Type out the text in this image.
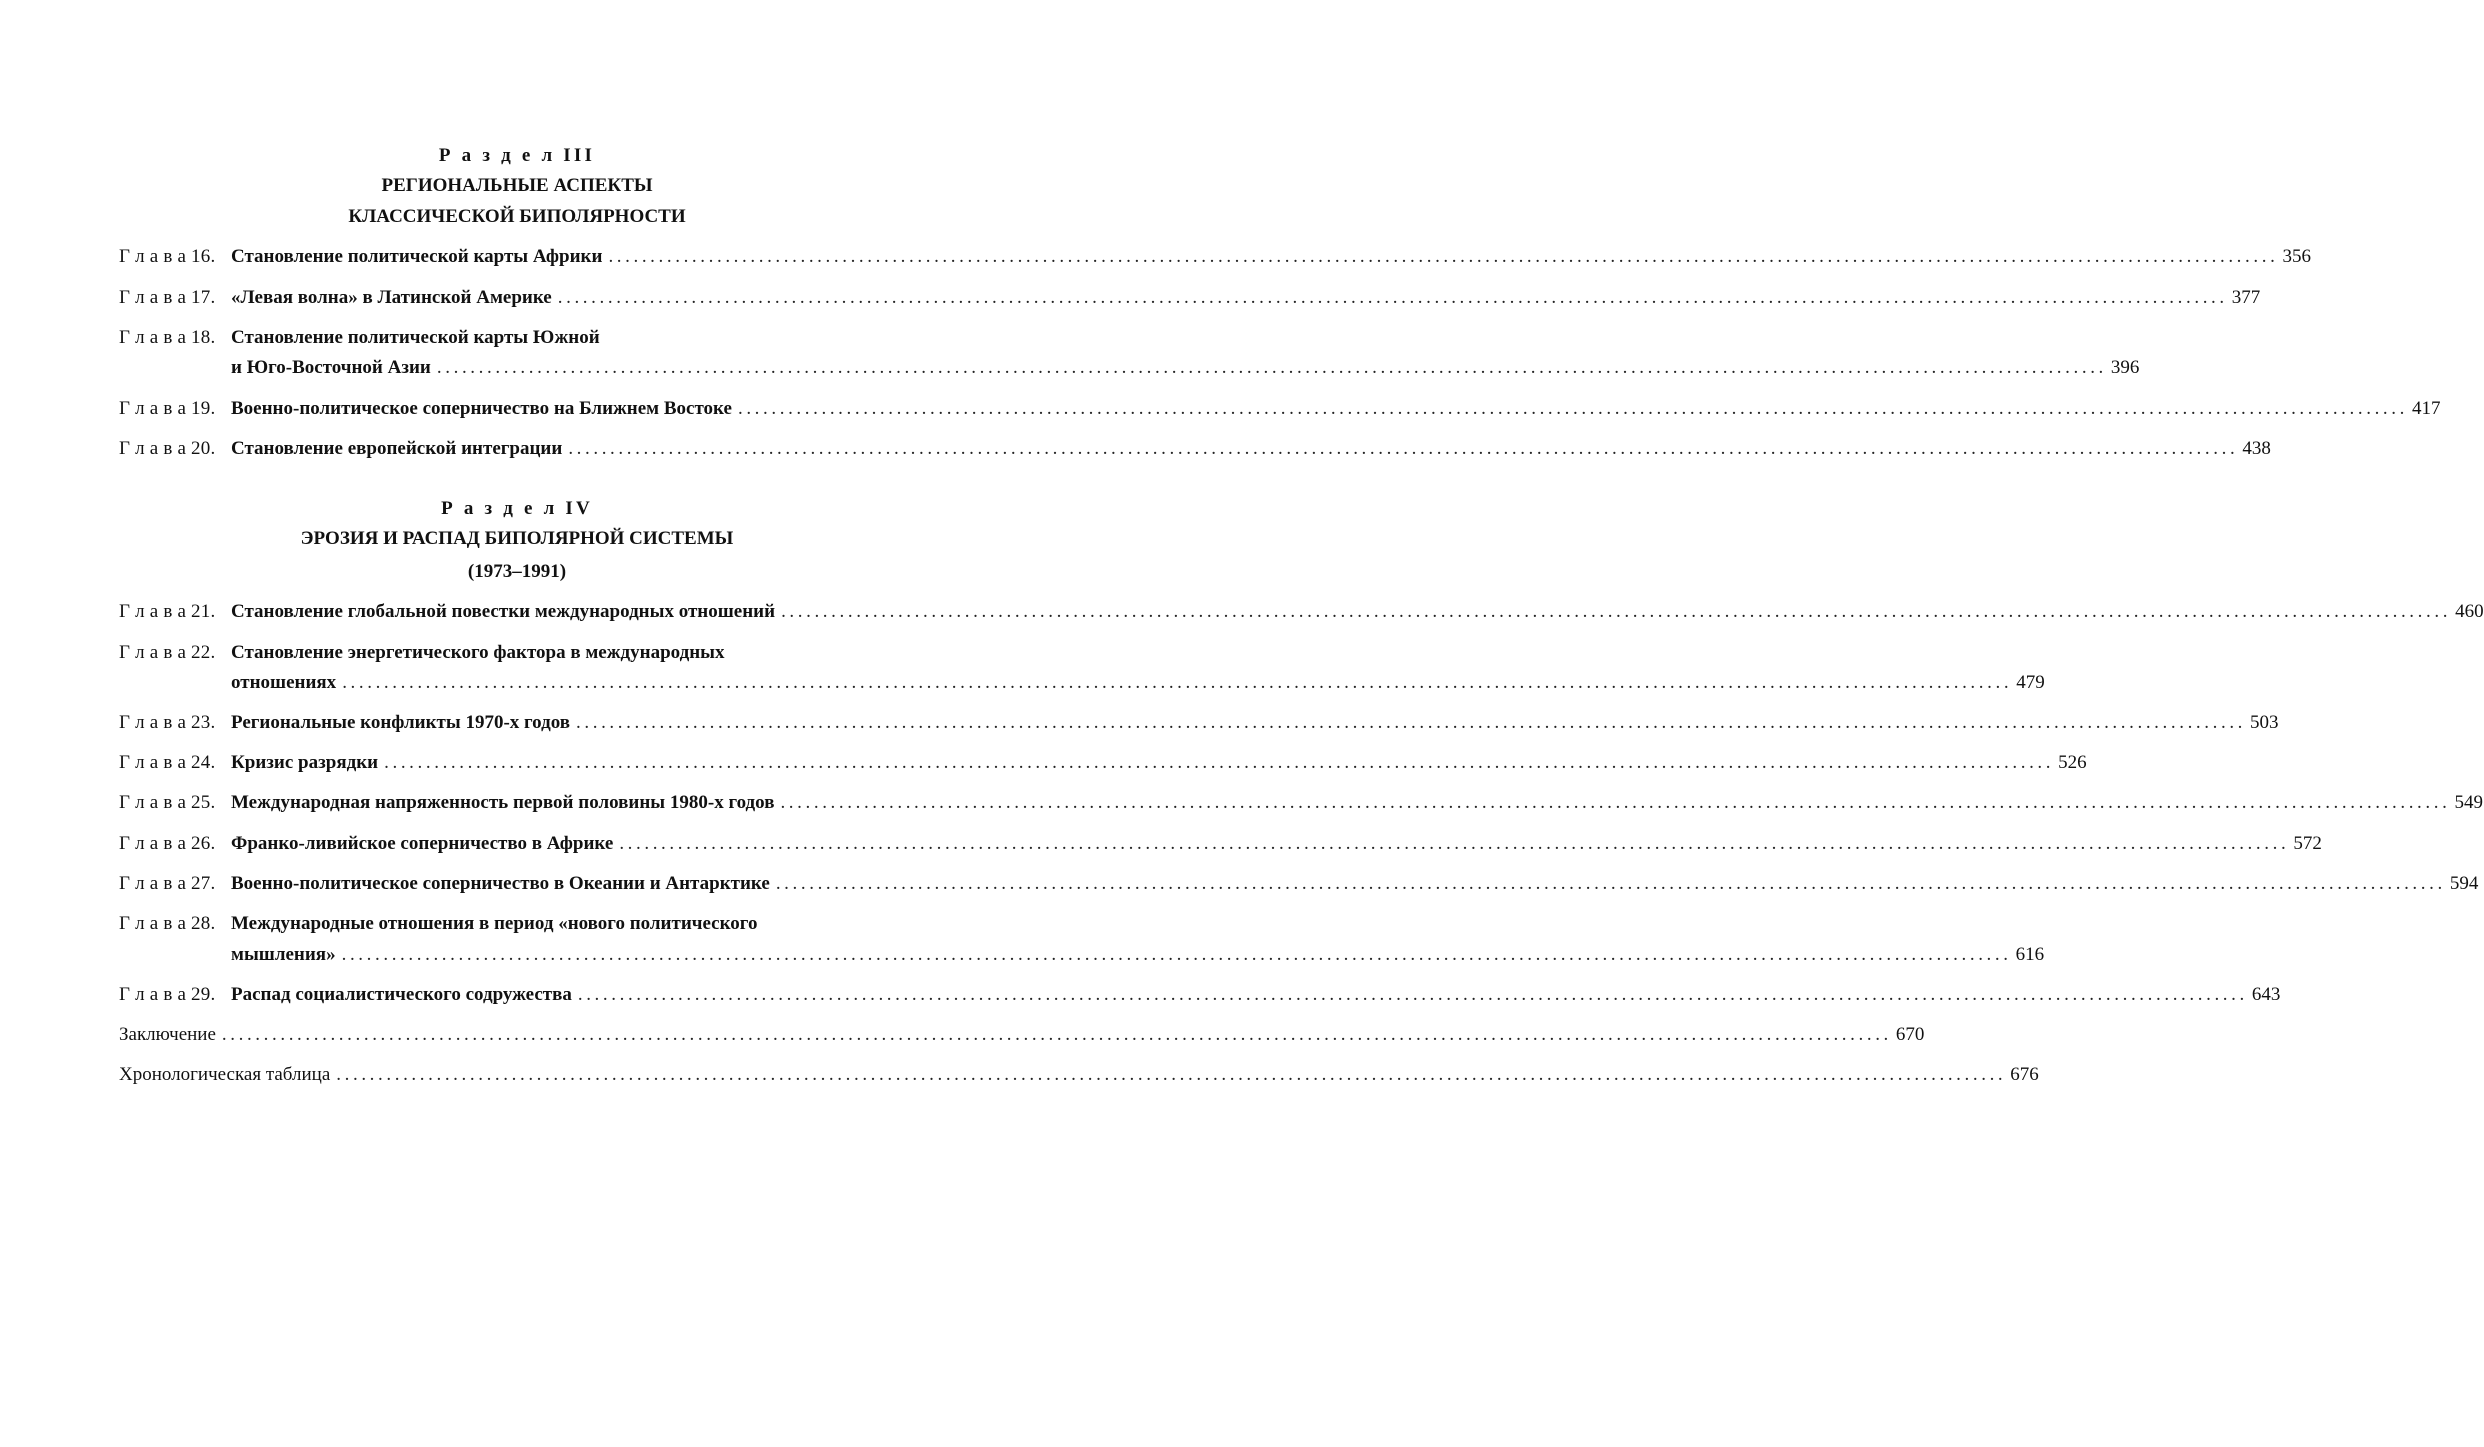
Р а з д е л III
РЕГИОНАЛЬНЫЕ АСПЕКТЫ
КЛАССИЧЕСКОЙ БИПОЛЯРНОСТИ
Г л а в а 16. Становление политической карты Африки ........................................................................................................................................................................................................ 356
Г л а в а 17. «Левая волна» в Латинской Америке ........................................................................................................................................................................................................ 377
Г л а в а 18. Становление политической карты Южной
и Юго-Восточной Азии ........................................................................................................................................................................................................ 396
Г л а в а 19. Военно-политическое соперничество на Ближнем Востоке ........................................................................................................................................................................................................ 417
Г л а в а 20. Становление европейской интеграции ........................................................................................................................................................................................................ 438
Р а з д е л IV
ЭРОЗИЯ И РАСПАД БИПОЛЯРНОЙ СИСТЕМЫ
(1973–1991)
Г л а в а 21. Становление глобальной повестки международных отношений ........................................................................................................................................................................................................ 460
Г л а в а 22. Становление энергетического фактора в международных
отношениях ........................................................................................................................................................................................................ 479
Г л а в а 23. Региональные конфликты 1970-х годов ........................................................................................................................................................................................................ 503
Г л а в а 24. Кризис разрядки ........................................................................................................................................................................................................ 526
Г л а в а 25. Международная напряженность первой половины 1980-х годов ........................................................................................................................................................................................................ 549
Г л а в а 26. Франко-ливийское соперничество в Африке ........................................................................................................................................................................................................ 572
Г л а в а 27. Военно-политическое соперничество в Океании и Антарктике ........................................................................................................................................................................................................ 594
Г л а в а 28. Международные отношения в период «нового политического
мышления» ........................................................................................................................................................................................................ 616
Г л а в а 29. Распад социалистического содружества ........................................................................................................................................................................................................ 643
Заключение ........................................................................................................................................................................................................ 670
Хронологическая таблица ........................................................................................................................................................................................................ 676
